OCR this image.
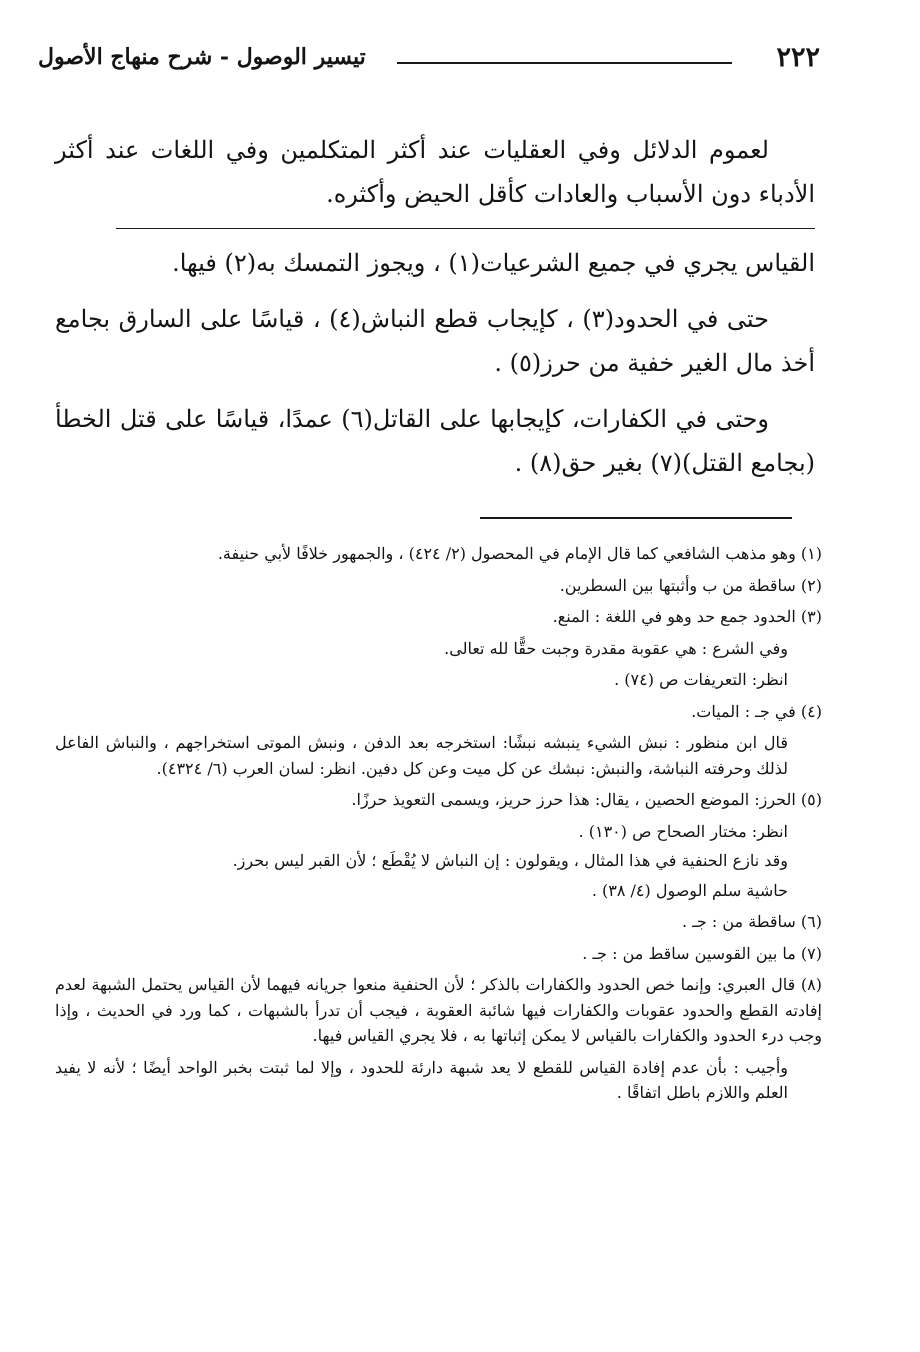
٢٢٢
تيسير الوصول - شرح منهاج الأصول

لعموم الدلائل وفي العقليات عند أكثر المتكلمين وفي اللغات عند أكثر الأدباء دون الأسباب والعادات كأقل الحيض وأكثره.

القياس يجري في جميع الشرعيات(١) ، ويجوز التمسك به(٢) فيها.

حتى في الحدود(٣) ، كإيجاب قطع النباش(٤) ، قياسًا على السارق بجامع أخذ مال الغير خفية من حرز(٥) .

وحتى في الكفارات، كإيجابها على القاتل(٦) عمدًا، قياسًا على قتل الخطأ (بجامع القتل)(٧) بغير حق(٨) .

(١) وهو مذهب الشافعي كما قال الإمام في المحصول (٢/ ٤٢٤) ، والجمهور خلافًا لأبي حنيفة.

(٢) ساقطة من ب وأثبتها بين السطرين.

(٣) الحدود جمع حد وهو في اللغة : المنع.

وفي الشرع : هي عقوبة مقدرة وجبت حقًّا لله تعالى.

انظر: التعريفات ص (٧٤) .

(٤) في جـ : الميات.

قال ابن منظور : نبش الشيء ينبشه نبشًا: استخرجه بعد الدفن ، ونبش الموتى استخراجهم ، والنباش الفاعل لذلك وحرفته النباشة، والنبش: نبشك عن كل ميت وعن كل دفين. انظر: لسان العرب (٦/ ٤٣٢٤).

(٥) الحرز: الموضع الحصين ، يقال: هذا حرز حريز، ويسمى التعويذ حرزًا.

انظر: مختار الصحاح ص (١٣٠) .

وقد نازع الحنفية في هذا المثال ، ويقولون : إن النباش لا يُقْطَع ؛ لأن القبر ليس بحرز.

حاشية سلم الوصول (٤/ ٣٨) .

(٦) ساقطة من : جـ .

(٧) ما بين القوسين ساقط من : جـ .

(٨) قال العبري: وإنما خص الحدود والكفارات بالذكر ؛ لأن الحنفية منعوا جريانه فيهما لأن القياس يحتمل الشبهة لعدم إفادته القطع والحدود عقوبات والكفارات فيها شائبة العقوبة ، فيجب أن تدرأ بالشبهات ، كما ورد في الحديث ، وإذا وجب درء الحدود والكفارات بالقياس لا يمكن إثباتها به ، فلا يجري القياس فيها.

وأجيب : بأن عدم إفادة القياس للقطع لا يعد شبهة دارئة للحدود ، وإلا لما ثبتت بخبر الواحد أيضًا ؛ لأنه لا يفيد العلم واللازم باطل اتفاقًا .
